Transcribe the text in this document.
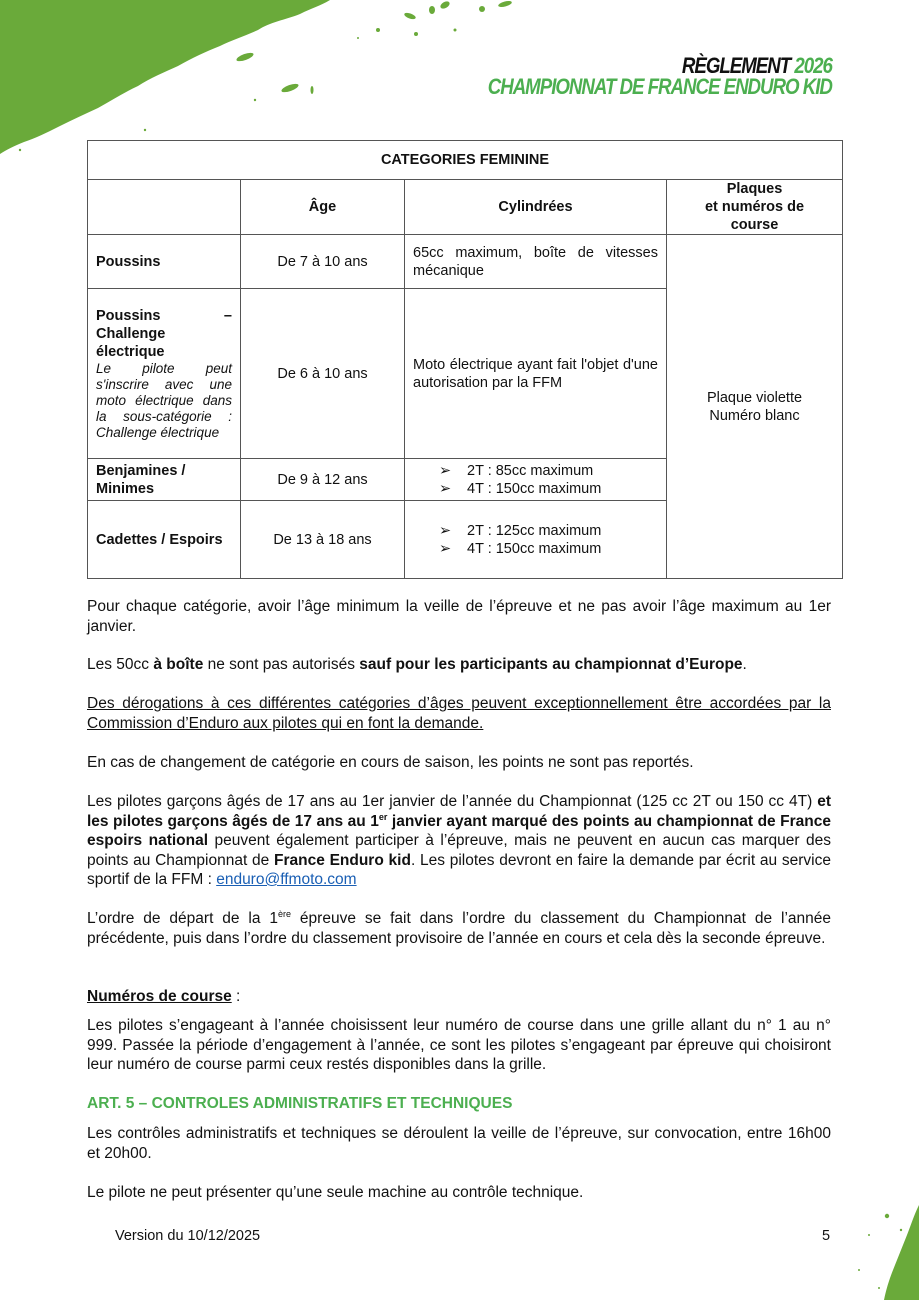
RÈGLEMENT 2026
CHAMPIONNAT DE FRANCE ENDURO KID
CATEGORIES FEMININE			
	Âge	Cylindrées	Plaques
et numéros de
course
Poussins	De 7 à 10 ans	65cc maximum, boîte de vitesses mécanique	Plaque violette
Numéro blanc

Poussins –
Challenge
électrique
Le pilote peut s'inscrire avec une moto électrique dans la sous-catégorie : Challenge électrique	De 6 à 10 ans	Moto électrique ayant fait l'objet d'une autorisation par la FFM	
Benjamines / Minimes	De 9 à 12 ans	➢ 2T : 85cc maximum
➢ 4T : 150cc maximum	

Cadettes / Espoirs	De 13 à 18 ans	➢ 2T : 125cc maximum
➢ 4T : 150cc maximum	

Pour chaque catégorie, avoir l’âge minimum la veille de l’épreuve et ne pas avoir l’âge maximum au 1er janvier.

Les 50cc à boîte ne sont pas autorisés sauf pour les participants au championnat d’Europe.

Des dérogations à ces différentes catégories d’âges peuvent exceptionnellement être accordées par la Commission d’Enduro aux pilotes qui en font la demande.

En cas de changement de catégorie en cours de saison, les points ne sont pas reportés.

Les pilotes garçons âgés de 17 ans au 1er janvier de l’année du Championnat (125 cc 2T ou 150 cc 4T) et les pilotes garçons âgés de 17 ans au 1er janvier ayant marqué des points au championnat de France espoirs national peuvent également participer à l’épreuve, mais ne peuvent en aucun cas marquer des points au Championnat de France Enduro kid. Les pilotes devront en faire la demande par écrit au service sportif de la FFM : enduro@ffmoto.com

L’ordre de départ de la 1ère épreuve se fait dans l’ordre du classement du Championnat de l’année précédente, puis dans l’ordre du classement provisoire de l’année en cours et cela dès la seconde épreuve.

Numéros de course :

Les pilotes s’engageant à l’année choisissent leur numéro de course dans une grille allant du n° 1 au n° 999. Passée la période d’engagement à l’année, ce sont les pilotes s’engageant par épreuve qui choisiront leur numéro de course parmi ceux restés disponibles dans la grille.

ART. 5 – CONTROLES ADMINISTRATIFS ET TECHNIQUES

Les contrôles administratifs et techniques se déroulent la veille de l’épreuve, sur convocation, entre 16h00 et 20h00.

Le pilote ne peut présenter qu’une seule machine au contrôle technique.

Version du 10/12/2025	5
